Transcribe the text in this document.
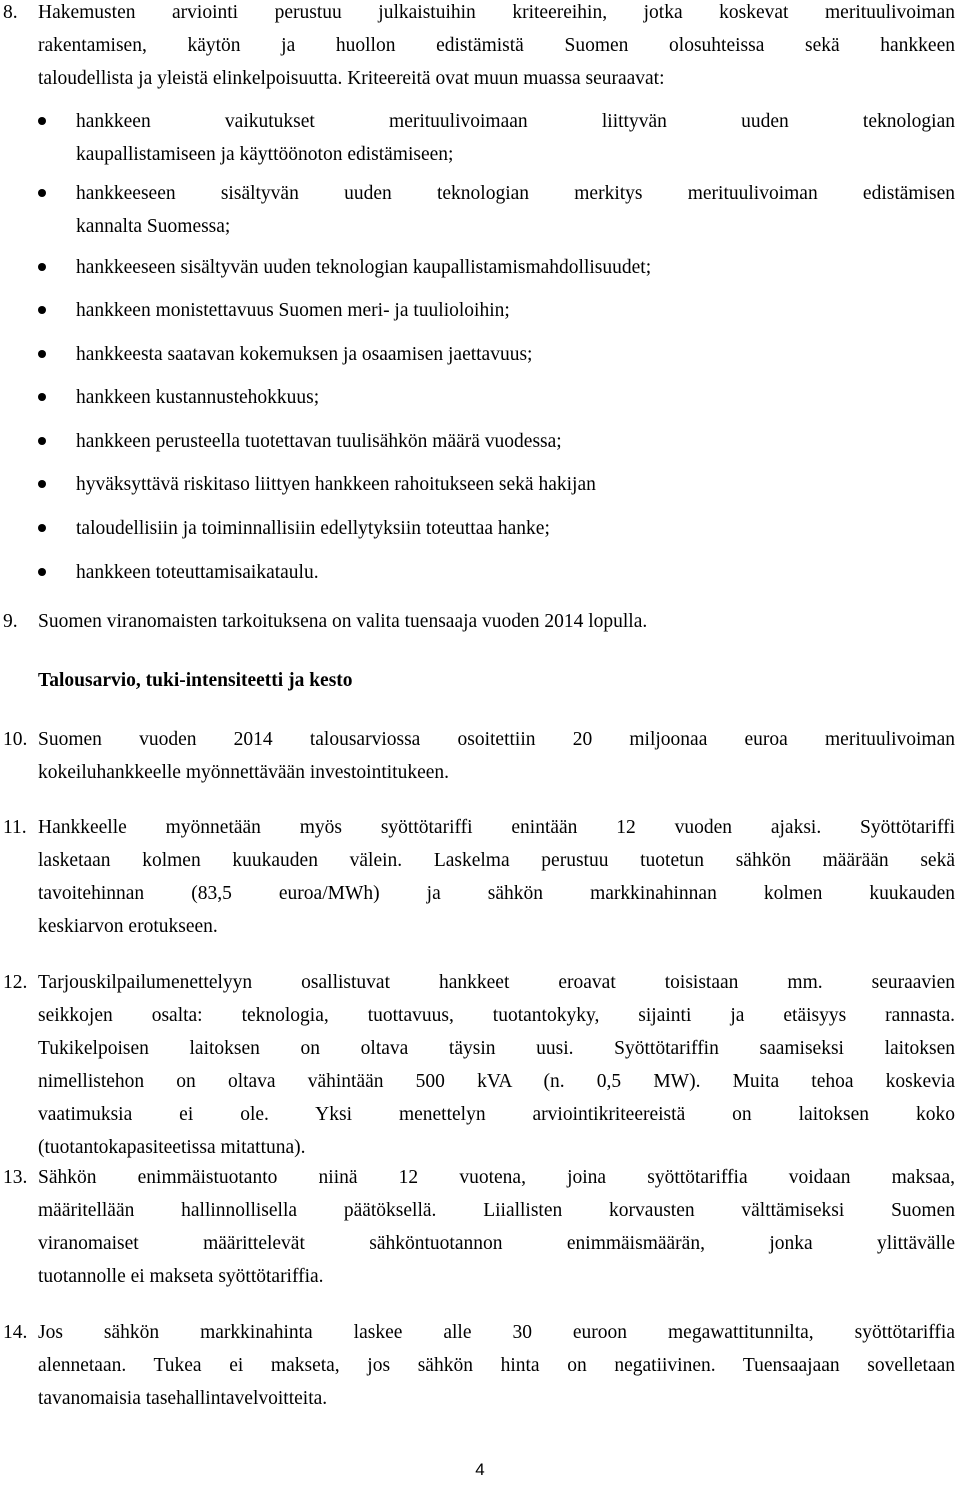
8. Hakemusten arviointi perustuu julkaistuihin kriteereihin, jotka koskevat merituulivoiman
rakentamisen, käytön ja huollon edistämistä Suomen olosuhteissa sekä hankkeen
taloudellista ja yleistä elinkelpoisuutta. Kriteereitä ovat muun muassa seuraavat:
hankkeen vaikutukset merituulivoimaan liittyvän uuden teknologian
kaupallistamiseen ja käyttöönoton edistämiseen;
hankkeeseen sisältyvän uuden teknologian merkitys merituulivoiman edistämisen
kannalta Suomessa;
hankkeeseen sisältyvän uuden teknologian kaupallistamismahdollisuudet;
hankkeen monistettavuus Suomen meri- ja tuulioloihin;
hankkeesta saatavan kokemuksen ja osaamisen jaettavuus;
hankkeen kustannustehokkuus;
hankkeen perusteella tuotettavan tuulisähkön määrä vuodessa;
hyväksyttävä riskitaso liittyen hankkeen rahoitukseen sekä hakijan
taloudellisiin ja toiminnallisiin edellytyksiin toteuttaa hanke;
hankkeen toteuttamisaikataulu.
9. Suomen viranomaisten tarkoituksena on valita tuensaaja vuoden 2014 lopulla.
Talousarvio, tuki-intensiteetti ja kesto
10. Suomen vuoden 2014 talousarviossa osoitettiin 20 miljoonaa euroa merituulivoiman
kokeiluhankkeelle myönnettävään investointitukeen.
11. Hankkeelle myönnetään myös syöttötariffi enintään 12 vuoden ajaksi. Syöttötariffi
lasketaan kolmen kuukauden välein. Laskelma perustuu tuotetun sähkön määrään sekä
tavoitehinnan (83,5 euroa/MWh) ja sähkön markkinahinnan kolmen kuukauden
keskiarvon erotukseen.
12. Tarjouskilpailumenettelyyn osallistuvat hankkeet eroavat toisistaan mm. seuraavien
seikkojen osalta: teknologia, tuottavuus, tuotantokyky, sijainti ja etäisyys rannasta.
Tukikelpoisen laitoksen on oltava täysin uusi. Syöttötariffin saamiseksi laitoksen
nimellistehon on oltava vähintään 500 kVA (n. 0,5 MW). Muita tehoa koskevia
vaatimuksia ei ole. Yksi menettelyn arviointikriteereistä on laitoksen koko
(tuotantokapasiteetissa mitattuna).
13. Sähkön enimmäistuotanto niinä 12 vuotena, joina syöttötariffia voidaan maksaa,
määritellään hallinnollisella päätöksellä. Liiallisten korvausten välttämiseksi Suomen
viranomaiset määrittelevät sähköntuotannon enimmäismäärän, jonka ylittävälle
tuotannolle ei makseta syöttötariffia.
14. Jos sähkön markkinahinta laskee alle 30 euroon megawattitunnilta, syöttötariffia
alennetaan. Tukea ei makseta, jos sähkön hinta on negatiivinen. Tuensaajaan sovelletaan
tavanomaisia tasehallintavelvoitteita.
4
